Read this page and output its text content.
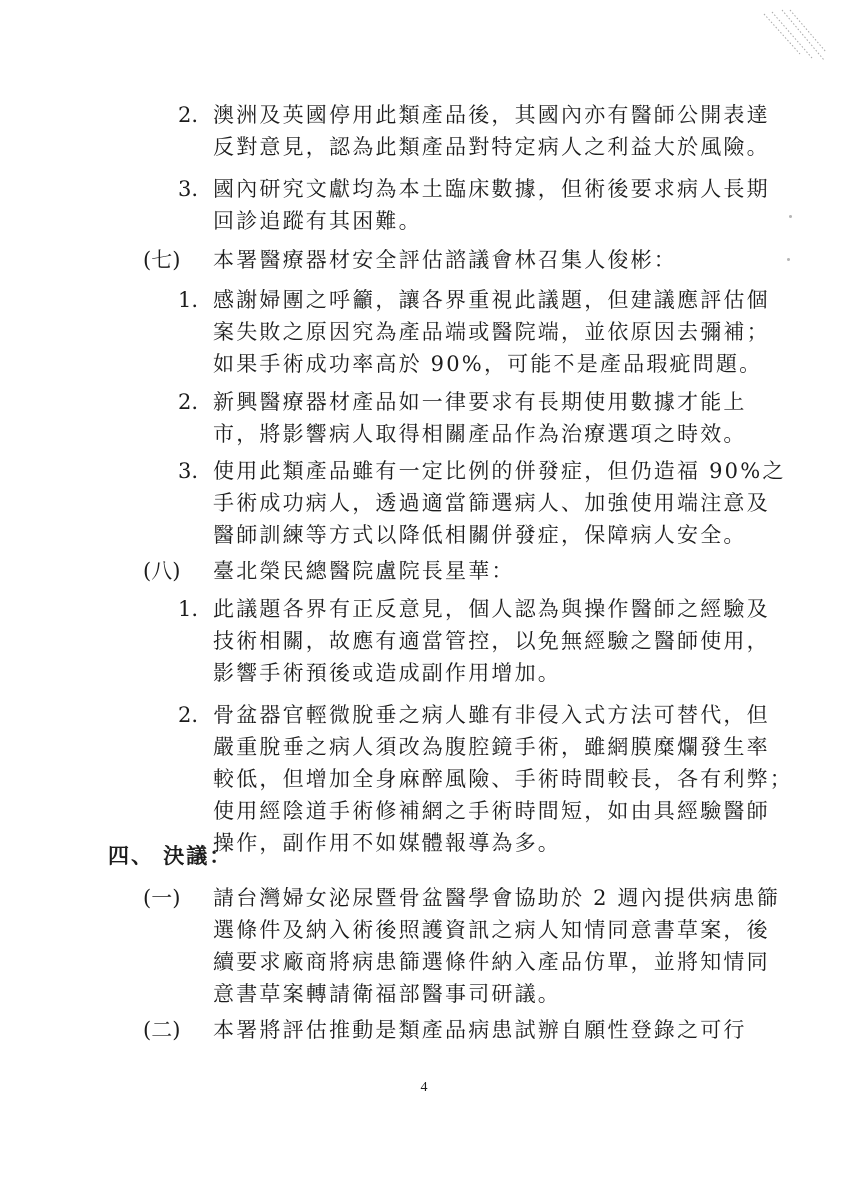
2. 澳洲及英國停用此類產品後，其國內亦有醫師公開表達
反對意見，認為此類產品對特定病人之利益大於風險。
3. 國內研究文獻均為本土臨床數據，但術後要求病人長期
回診追蹤有其困難。
(七) 本署醫療器材安全評估諮議會林召集人俊彬：
1. 感謝婦團之呼籲，讓各界重視此議題，但建議應評估個
案失敗之原因究為產品端或醫院端，並依原因去彌補；
如果手術成功率高於 90%，可能不是產品瑕疵問題。
2. 新興醫療器材產品如一律要求有長期使用數據才能上
市，將影響病人取得相關產品作為治療選項之時效。
3. 使用此類產品雖有一定比例的併發症，但仍造福 90%之
手術成功病人，透過適當篩選病人、加強使用端注意及
醫師訓練等方式以降低相關併發症，保障病人安全。
(八) 臺北榮民總醫院盧院長星華：
1. 此議題各界有正反意見，個人認為與操作醫師之經驗及
技術相關，故應有適當管控，以免無經驗之醫師使用，
影響手術預後或造成副作用增加。
2. 骨盆器官輕微脫垂之病人雖有非侵入式方法可替代，但
嚴重脫垂之病人須改為腹腔鏡手術，雖網膜糜爛發生率
較低，但增加全身麻醉風險、手術時間較長，各有利弊；
使用經陰道手術修補網之手術時間短，如由具經驗醫師
操作，副作用不如媒體報導為多。
四、 決議：
(一) 請台灣婦女泌尿暨骨盆醫學會協助於 2 週內提供病患篩
選條件及納入術後照護資訊之病人知情同意書草案，後
續要求廠商將病患篩選條件納入產品仿單，並將知情同
意書草案轉請衛福部醫事司研議。
(二) 本署將評估推動是類產品病患試辦自願性登錄之可行
4
